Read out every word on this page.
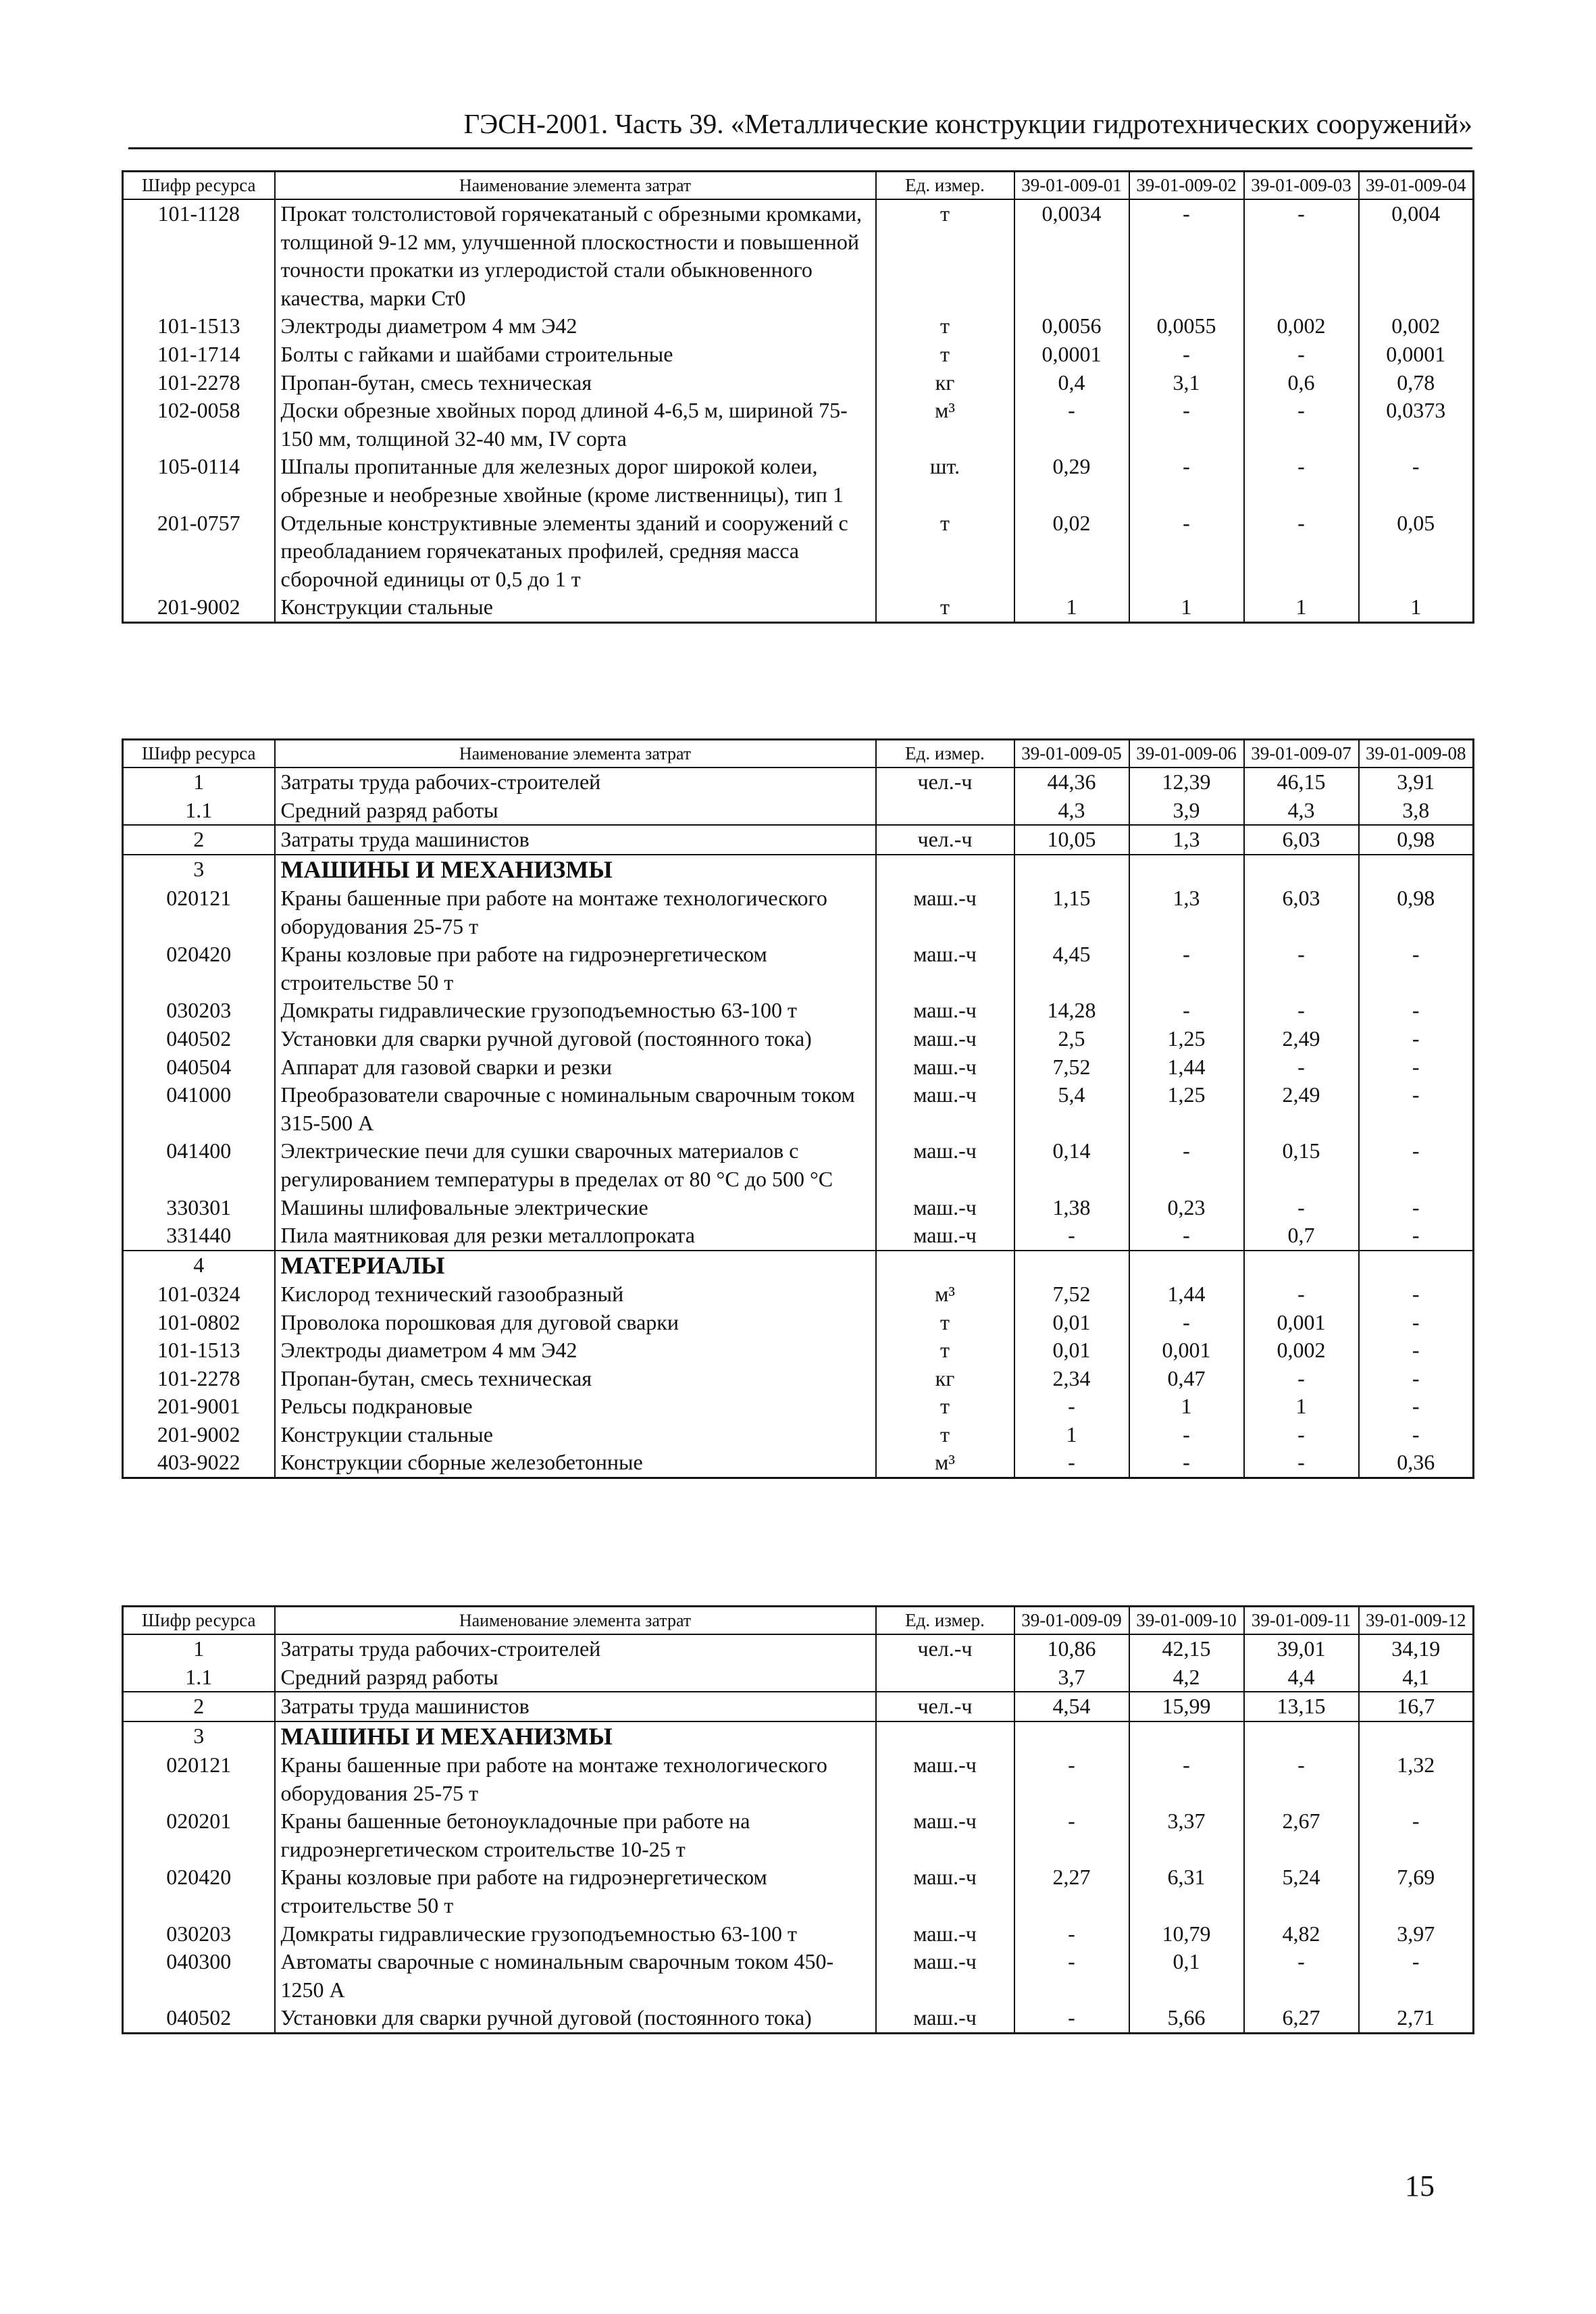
ГЭСН-2001. Часть 39. «Металлические конструкции гидротехнических сооружений»
Шифр ресурса	Наименование элемента затрат	Ед. измер.	39-01-009-01	39-01-009-02	39-01-009-03	39-01-009-04
101-1128	Прокат толстолистовой горячекатаный с обрезными кромками, толщиной 9-12 мм, улучшенной плоскостности и повышенной точности прокатки из углеродистой стали обыкновенного качества, марки Ст0	т	0,0034	-	-	0,004
101-1513	Электроды диаметром 4 мм Э42	т	0,0056	0,0055	0,002	0,002
101-1714	Болты с гайками и шайбами строительные	т	0,0001	-	-	0,0001
101-2278	Пропан-бутан, смесь техническая	кг	0,4	3,1	0,6	0,78
102-0058	Доски обрезные хвойных пород длиной 4-6,5 м, шириной 75-150 мм, толщиной 32-40 мм, IV сорта	м³	-	-	-	0,0373
105-0114	Шпалы пропитанные для железных дорог широкой колеи, обрезные и необрезные хвойные (кроме лиственницы), тип 1	шт.	0,29	-	-	-
201-0757	Отдельные конструктивные элементы зданий и сооружений с преобладанием горячекатаных профилей, средняя масса сборочной единицы от 0,5 до 1 т	т	0,02	-	-	0,05
201-9002	Конструкции стальные	т	1	1	1	1
Шифр ресурса	Наименование элемента затрат	Ед. измер.	39-01-009-05	39-01-009-06	39-01-009-07	39-01-009-08
1	Затраты труда рабочих-строителей	чел.-ч	44,36	12,39	46,15	3,91
1.1	Средний разряд работы		4,3	3,9	4,3	3,8
2	Затраты труда машинистов	чел.-ч	10,05	1,3	6,03	0,98
3	МАШИНЫ И МЕХАНИЗМЫ					
020121	Краны башенные при работе на монтаже технологического оборудования 25-75 т	маш.-ч	1,15	1,3	6,03	0,98
020420	Краны козловые при работе на гидроэнергетическом строительстве 50 т	маш.-ч	4,45	-	-	-
030203	Домкраты гидравлические грузоподъемностью 63-100 т	маш.-ч	14,28	-	-	-
040502	Установки для сварки ручной дуговой (постоянного тока)	маш.-ч	2,5	1,25	2,49	-
040504	Аппарат для газовой сварки и резки	маш.-ч	7,52	1,44	-	-
041000	Преобразователи сварочные с номинальным сварочным током 315-500 А	маш.-ч	5,4	1,25	2,49	-
041400	Электрические печи для сушки сварочных материалов с регулированием температуры в пределах от 80 °С до 500 °С	маш.-ч	0,14	-	0,15	-
330301	Машины шлифовальные электрические	маш.-ч	1,38	0,23	-	-
331440	Пила маятниковая для резки металлопроката	маш.-ч	-	-	0,7	-
4	МАТЕРИАЛЫ					
101-0324	Кислород технический газообразный	м³	7,52	1,44	-	-
101-0802	Проволока порошковая для дуговой сварки	т	0,01	-	0,001	-
101-1513	Электроды диаметром 4 мм Э42	т	0,01	0,001	0,002	-
101-2278	Пропан-бутан, смесь техническая	кг	2,34	0,47	-	-
201-9001	Рельсы подкрановые	т	-	1	1	-
201-9002	Конструкции стальные	т	1	-	-	-
403-9022	Конструкции сборные железобетонные	м³	-	-	-	0,36
Шифр ресурса	Наименование элемента затрат	Ед. измер.	39-01-009-09	39-01-009-10	39-01-009-11	39-01-009-12
1	Затраты труда рабочих-строителей	чел.-ч	10,86	42,15	39,01	34,19
1.1	Средний разряд работы		3,7	4,2	4,4	4,1
2	Затраты труда машинистов	чел.-ч	4,54	15,99	13,15	16,7
3	МАШИНЫ И МЕХАНИЗМЫ					
020121	Краны башенные при работе на монтаже технологического оборудования 25-75 т	маш.-ч	-	-	-	1,32
020201	Краны башенные бетоноукладочные при работе на гидроэнергетическом строительстве 10-25 т	маш.-ч	-	3,37	2,67	-
020420	Краны козловые при работе на гидроэнергетическом строительстве 50 т	маш.-ч	2,27	6,31	5,24	7,69
030203	Домкраты гидравлические грузоподъемностью 63-100 т	маш.-ч	-	10,79	4,82	3,97
040300	Автоматы сварочные с номинальным сварочным током 450-1250 А	маш.-ч	-	0,1	-	-
040502	Установки для сварки ручной дуговой (постоянного тока)	маш.-ч	-	5,66	6,27	2,71
15
